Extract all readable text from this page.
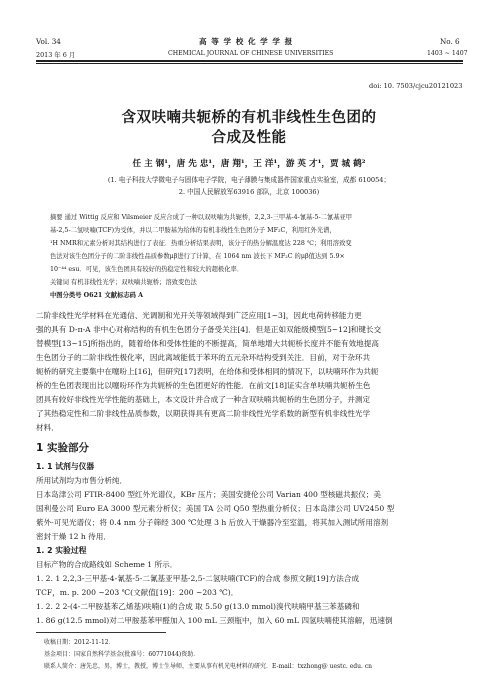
Vol. 34	高 等 学 校 化 学 学 报	No. 6
2013 年 6 月	CHEMICAL JOURNAL OF CHINESE UNIVERSITIES	1403 ~ 1407
doi: 10. 7503/cjcu20121023
含双呋喃共轭桥的有机非线性生色团的
合成及性能
任 主 钢¹，唐 先 忠¹，唐 翔¹，王 洋¹，游 英 才¹，贾 城 鹤²
(1. 电子科技大学微电子与固体电子学院，电子薄膜与集成器件国家重点实验室，成都 610054；
2. 中国人民解放军63916 部队，北京 100036)
摘要 通过 Wittig 反应和 Vilsmeier 反应合成了一种以双呋喃为共轭桥，2,2,3-三甲基-4-氰基-5-二氰基亚甲
基-2,5-二氢呋喃(TCF)为受体，并以二甲胺基为给体的有机非线性生色团分子 MF₂C，利用红外光谱，
¹H NMR和元素分析对其结构进行了表征．热重分析结果表明，该分子的热分解温度达 228 ℃；利用溶致变
色法对该生色团分子的二阶非线性品质参数μβ进行了计算，在 1064 nm 波长下 MF₂C 的μβ值达到 5.9×
10⁻⁴⁴ esu．可见，该生色团具有较好的热稳定性和较大的超极化率．
关键词 有机非线性光学；双呋喃共轭桥；溶致变色法
中图分类号 O621 文献标志码 A
二阶非线性光学材料在光通信、光调制和光开关等领域得到广泛应用[1~3]，因此电荷转移能力更
强的具有 D-π-A 非中心对称结构的有机生色团分子备受关注[4]．但是正如双能级模型[5~12]和键长交
替模型[13~15]所指出的，随着给体和受体性能的不断提高，简单地增大共轭桥长度并不能有效地提高
生色团分子的二阶非线性极化率，因此离域能低于苯环的五元杂环结构受到关注．目前，对于杂环共
轭桥的研究主要集中在噻吩上[16]，但研究[17]表明，在给体和受体相同的情况下，以呋喃环作为共轭
桥的生色团表现出比以噻吩环作为共轭桥的生色团更好的性能．在前文[18]证实含单呋喃共轭桥生色
团具有较好非线性光学性能的基础上，本文设计并合成了一种含双呋喃共轭桥的生色团分子，并测定
了其热稳定性和二阶非线性品质参数，以期获得具有更高二阶非线性光学系数的新型有机非线性光学
材料．
1 实验部分
1. 1 试剂与仪器
所用试剂均为市售分析纯．
日本岛津公司 FTIR-8400 型红外光谱仪，KBr 压片；美国安捷伦公司 Varian 400 型核磁共振仪；美
国利曼公司 Euro EA 3000 型元素分析仪；美国 TA 公司 Q50 型热重分析仪；日本岛津公司 UV2450 型
紫外-可见光谱仪；将 0.4 nm 分子筛经 300 ℃处理 3 h 后放入干燥器冷至室温，将其加入测试所用溶剂
密封干燥 12 h 待用．
1. 2 实验过程
目标产物的合成路线如 Scheme 1 所示．
1. 2. 1 2,2,3-三甲基-4-氰基-5-二氰基亚甲基-2,5-二氢呋喃(TCF)的合成 参照文献[19]方法合成
TCF，m. p. 200 ~203 ℃(文献值[19]：200 ~203 ℃)．
1. 2. 2 2-(4-二甲胺基苯乙烯基)呋喃(1)的合成 取 5.50 g(13.0 mmol)溴代呋喃甲基三苯基磷和
1. 86 g(12.5 mmol)对二甲胺基苯甲醛加入 100 mL 三颈瓶中，加入 60 mL 四氢呋喃使其溶解，迅速倒
收稿日期：2012-11-12．
基金项目：国家自然科学基金(批准号：60771044)资助．
联系人简介：唐先忠，男，博士，教授，博士生导师，主要从事有机光电材料的研究．E-mail：txzhong@ uestc. edu. cn
